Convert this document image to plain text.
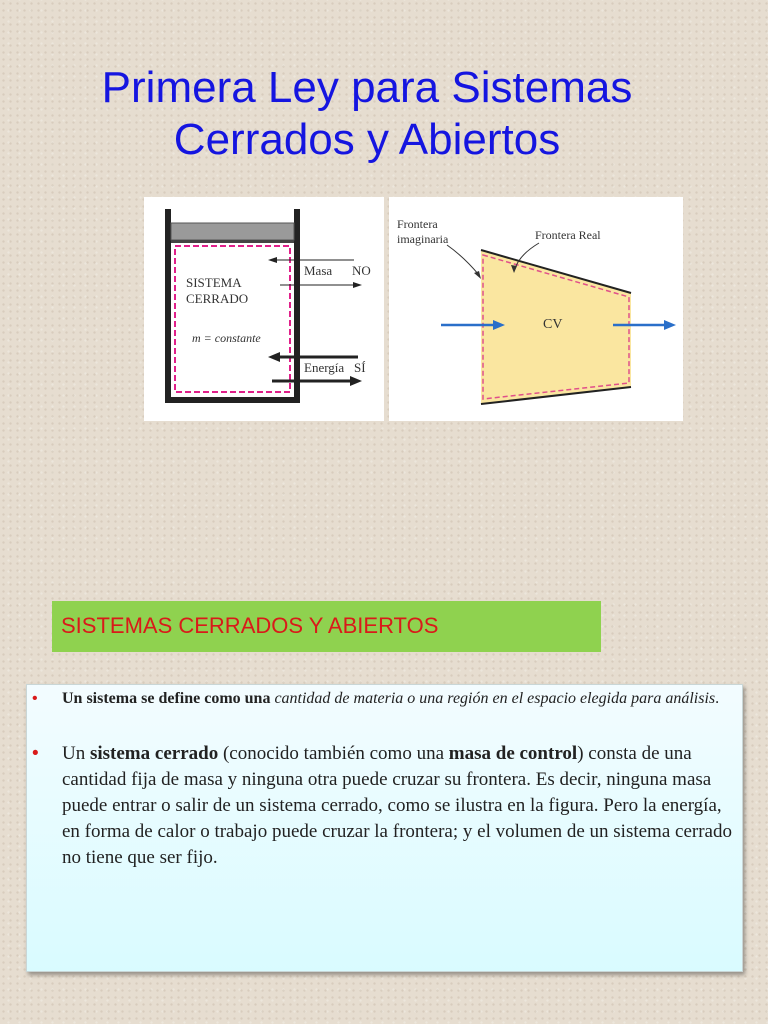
Primera Ley para Sistemas
Cerrados y Abiertos
SISTEMA
CERRADO
m = constante
Masa NO
Energía SÍ
Frontera
imaginaria	Frontera Real
CV
SISTEMAS CERRADOS Y ABIERTOS
• Un sistema se define como una cantidad de materia o una región en el espacio elegida para análisis.

• Un sistema cerrado (conocido también como una masa de control) consta de una cantidad fija de masa y ninguna otra puede cruzar su frontera. Es decir, ninguna masa puede entrar o salir de un sistema cerrado, como se ilustra en la figura. Pero la energía, en forma de calor o trabajo puede cruzar la frontera; y el volumen de un sistema cerrado no tiene que ser fijo.
